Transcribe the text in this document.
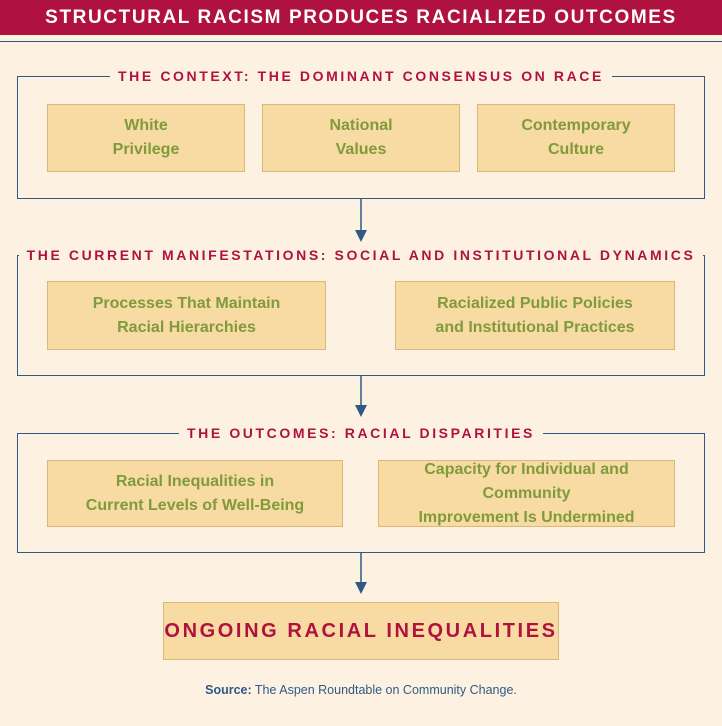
STRUCTURAL RACISM PRODUCES RACIALIZED OUTCOMES
THE CONTEXT: THE DOMINANT CONSENSUS ON RACE
White
Privilege
National
Values
Contemporary
Culture
THE CURRENT MANIFESTATIONS: SOCIAL AND INSTITUTIONAL DYNAMICS
Processes That Maintain
Racial Hierarchies
Racialized Public Policies
and Institutional Practices
THE OUTCOMES: RACIAL DISPARITIES
Racial Inequalities in
Current Levels of Well-Being
Capacity for Individual and Community
Improvement Is Undermined
ONGOING RACIAL INEQUALITIES
Source: The Aspen Roundtable on Community Change.
